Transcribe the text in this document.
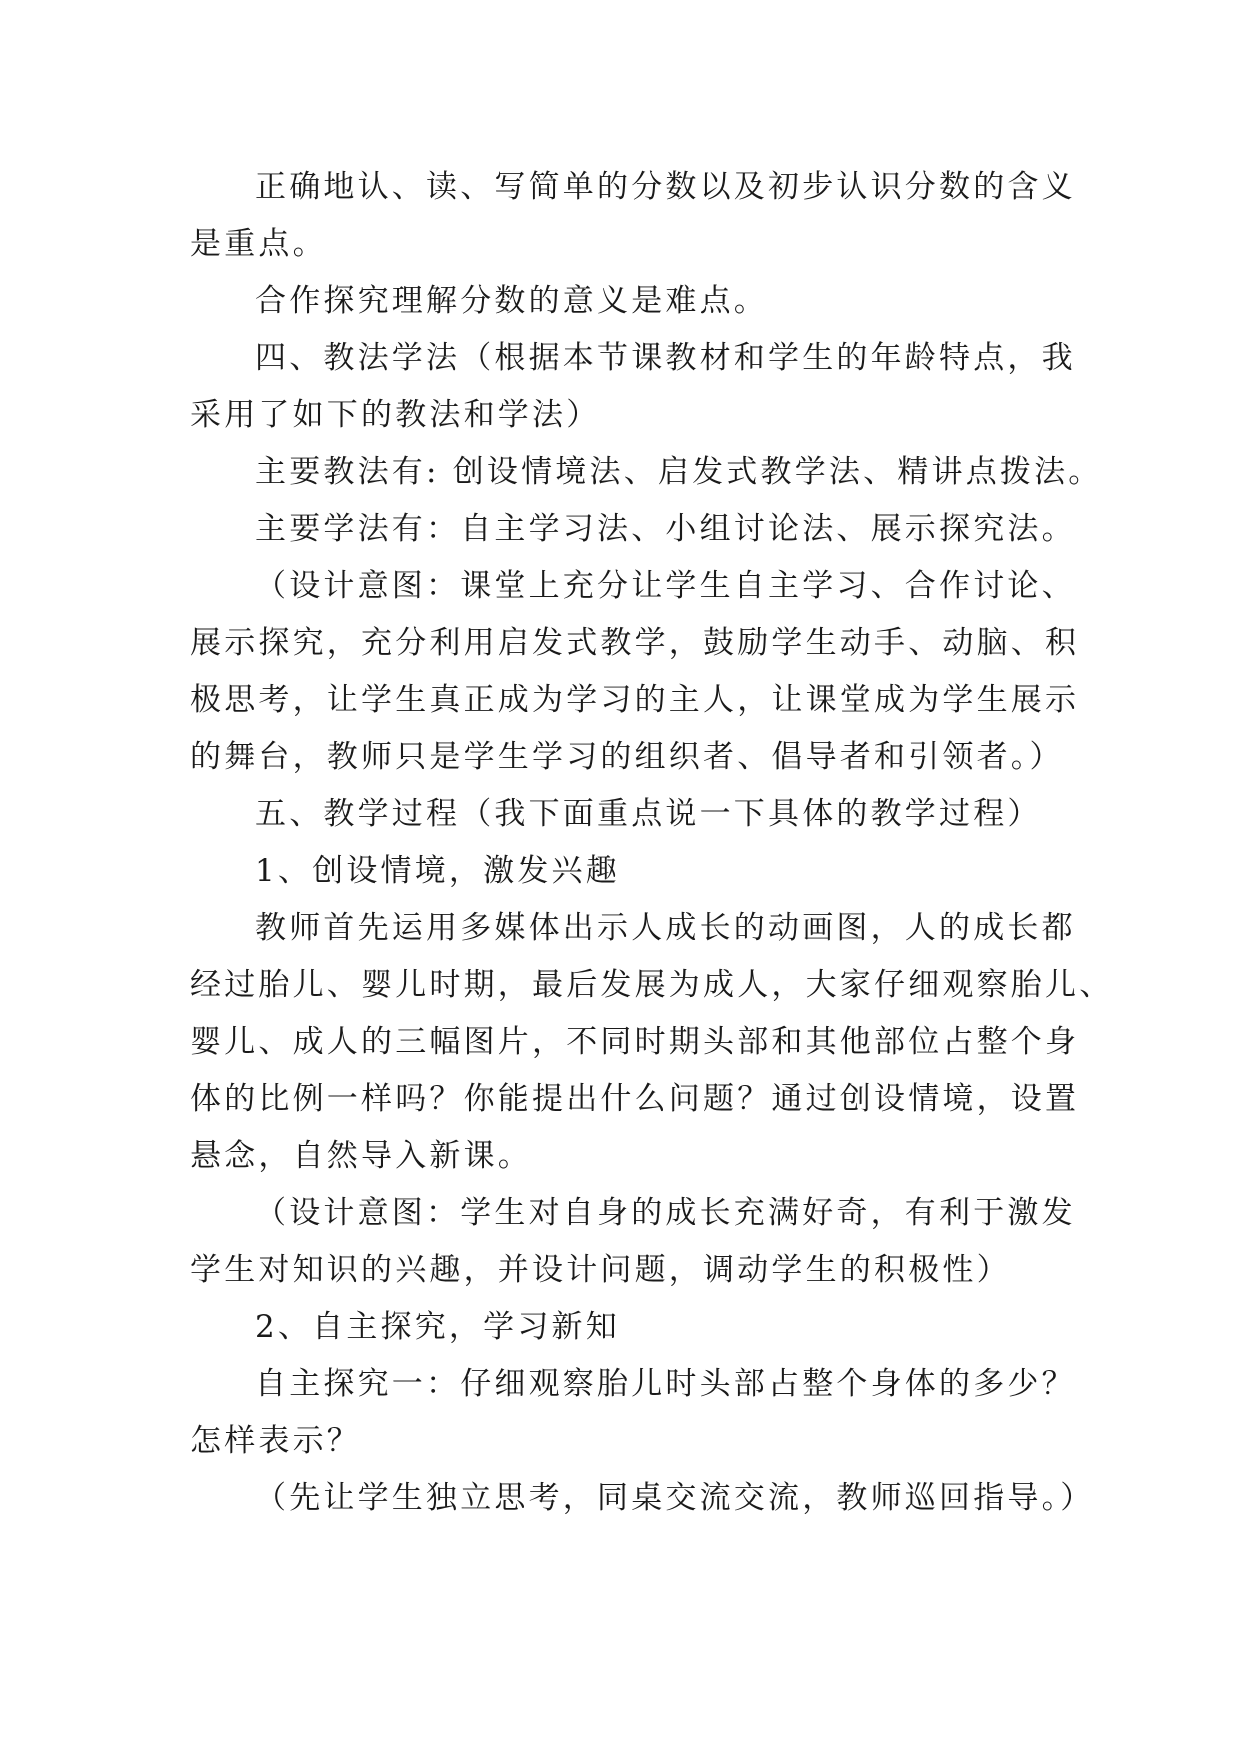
正确地认、读、写简单的分数以及初步认识分数的含义
是重点。
合作探究理解分数的意义是难点。
四、教法学法（根据本节课教材和学生的年龄特点，我
采用了如下的教法和学法）
主要教法有: 创设情境法、启发式教学法、精讲点拨法。
主要学法有：自主学习法、小组讨论法、展示探究法。
（设计意图：课堂上充分让学生自主学习、合作讨论、
展示探究，充分利用启发式教学，鼓励学生动手、动脑、积
极思考，让学生真正成为学习的主人，让课堂成为学生展示
的舞台，教师只是学生学习的组织者、倡导者和引领者。）
五、教学过程（我下面重点说一下具体的教学过程）
1、创设情境，激发兴趣
教师首先运用多媒体出示人成长的动画图，人的成长都
经过胎儿、婴儿时期，最后发展为成人，大家仔细观察胎儿、
婴儿、成人的三幅图片，不同时期头部和其他部位占整个身
体的比例一样吗？你能提出什么问题？通过创设情境，设置
悬念，自然导入新课。
（设计意图：学生对自身的成长充满好奇，有利于激发
学生对知识的兴趣，并设计问题，调动学生的积极性）
2、自主探究，学习新知
自主探究一：仔细观察胎儿时头部占整个身体的多少？
怎样表示？
（先让学生独立思考，同桌交流交流，教师巡回指导。）
